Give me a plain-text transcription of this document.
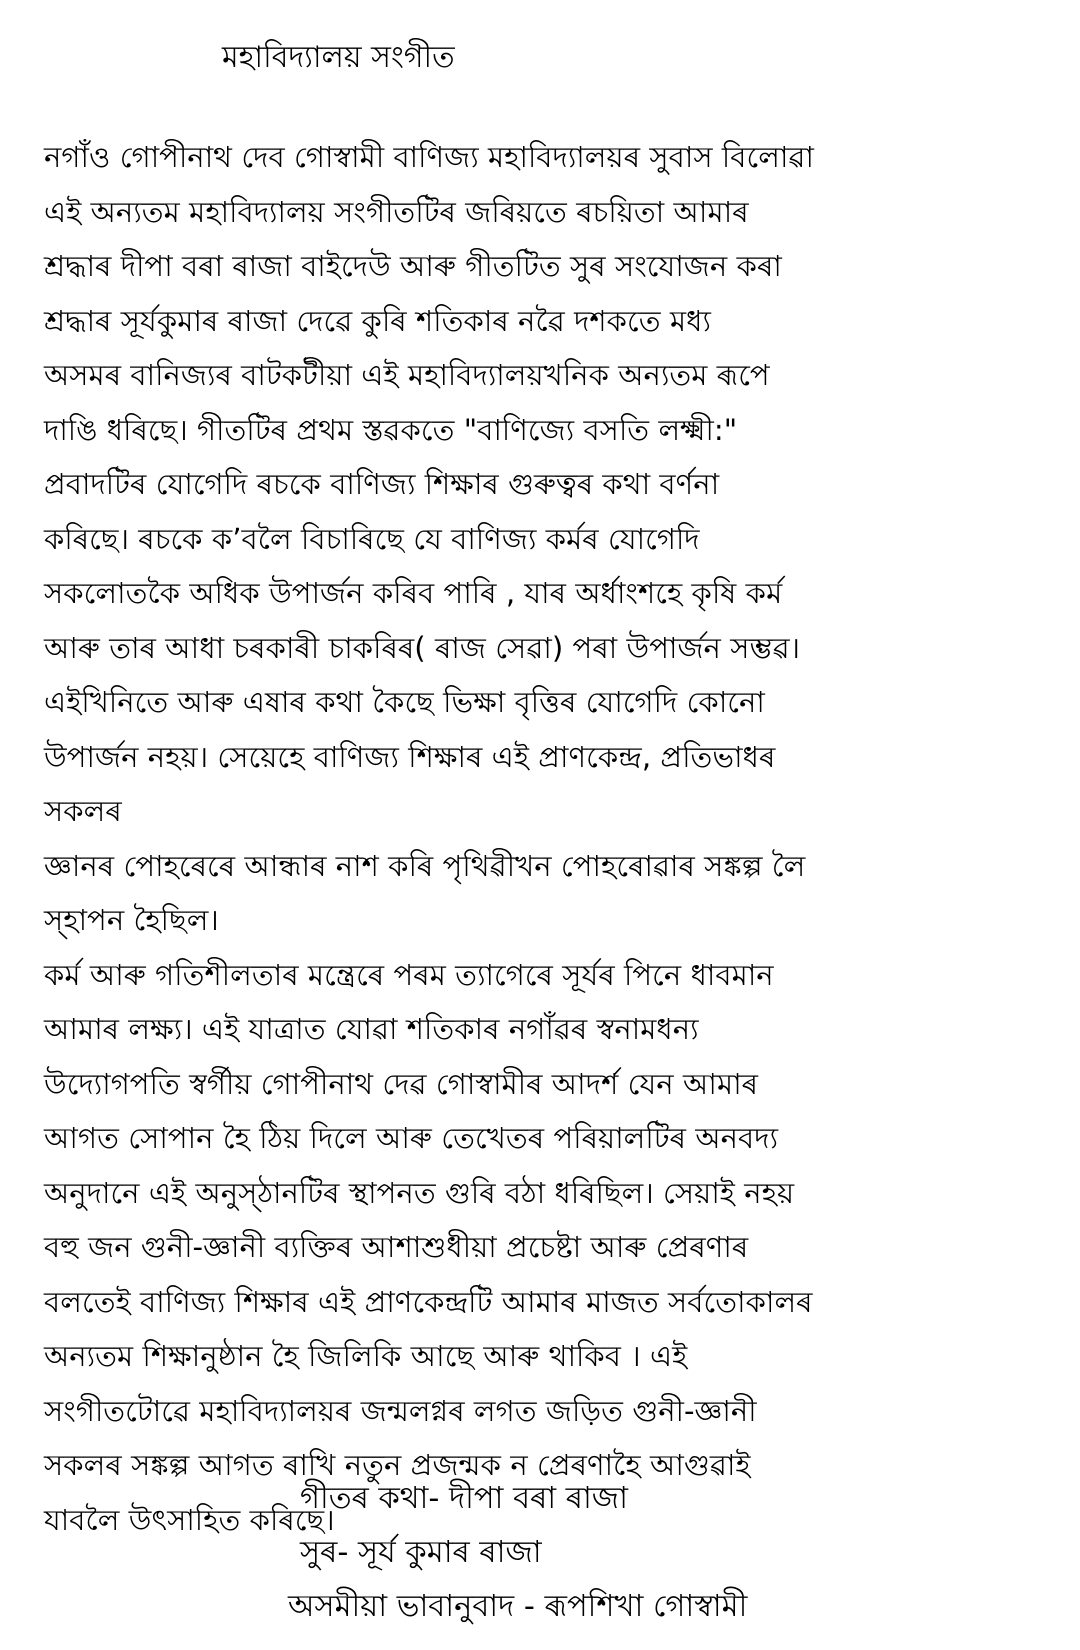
মহাবিদ্যালয় সংগীত
নগাঁও গোপীনাথ দেব গোস্বামী বাণিজ্য মহাবিদ্যালয়ৰ সুবাস বিলোৱা
এই অন্যতম মহাবিদ্যালয় সংগীতটিৰ জৰিয়তে ৰচয়িতা আমাৰ
শ্ৰদ্ধাৰ দীপা বৰা ৰাজা বাইদেউ আৰু গীতটিত সুৰ সংযোজন কৰা
শ্ৰদ্ধাৰ সূৰ্যকুমাৰ ৰাজা দেৱে কুৰি শতিকাৰ নৱৈ দশকতে মধ্য
অসমৰ বানিজ্যৰ বাটকটীয়া এই মহাবিদ্যালয়খনিক অন্যতম ৰূপে
দাঙি ধৰিছে। গীতটিৰ প্ৰথম স্তৱকতে "বাণিজ্যে বসতি লক্ষ্মী:"
প্ৰবাদটিৰ যোগেদি ৰচকে বাণিজ্য শিক্ষাৰ গুৰুত্বৰ কথা বৰ্ণনা
কৰিছে। ৰচকে ক’বলৈ বিচাৰিছে যে বাণিজ্য কৰ্মৰ যোগেদি
সকলোতকৈ অধিক উপাৰ্জন কৰিব পাৰি , যাৰ অৰ্ধাংশহে কৃষি কৰ্ম
আৰু তাৰ আধা চৰকাৰী চাকৰিৰ( ৰাজ সেৱা) পৰা উপাৰ্জন সম্ভৱ।
এইখিনিতে আৰু এষাৰ কথা কৈছে ভিক্ষা বৃত্তিৰ যোগেদি কোনো
উপাৰ্জন নহয়। সেয়েহে বাণিজ্য শিক্ষাৰ এই প্ৰাণকেন্দ্ৰ, প্ৰতিভাধৰ
সকলৰ
জ্ঞানৰ পোহৰেৰে আন্ধাৰ নাশ কৰি পৃথিৱীখন পোহৰোৱাৰ সঙ্কল্প লৈ
স্হাপন হৈছিল।
কৰ্ম আৰু গতিশীলতাৰ মন্ত্ৰেৰে পৰম ত্যাগেৰে সূৰ্যৰ পিনে ধাবমান
আমাৰ লক্ষ্য। এই যাত্ৰাত যোৱা শতিকাৰ নগাঁৱৰ স্বনামধন্য
উদ্যোগপতি স্বৰ্গীয় গোপীনাথ দেৱ গোস্বামীৰ আদৰ্শ যেন আমাৰ
আগত সোপান হৈ ঠিয় দিলে আৰু তেখেতৰ পৰিয়ালটিৰ অনবদ্য
অনুদানে এই অনুস্ঠানটিৰ স্থাপনত গুৰি বঠা ধৰিছিল। সেয়াই নহয়
বহু জন গুনী-জ্ঞানী ব্যক্তিৰ আশাশুধীয়া প্ৰচেষ্টা আৰু প্ৰেৰণাৰ
বলতেই বাণিজ্য শিক্ষাৰ এই প্ৰাণকেন্দ্ৰটি আমাৰ মাজত সৰ্বতোকালৰ
অন্যতম শিক্ষানুষ্ঠান হৈ জিলিকি আছে আৰু থাকিব । এই
সংগীতটোৱে মহাবিদ্যালয়ৰ জন্মলগ্নৰ লগত জড়িত গুনী-জ্ঞানী
সকলৰ সঙ্কল্প আগত ৰাখি নতুন প্ৰজন্মক ন প্ৰেৰণাহৈ আগুৱাই
যাবলৈ উৎসাহিত কৰিছে।
গীতৰ কথা- দীপা বৰা ৰাজা
সুৰ- সূৰ্য কুমাৰ ৰাজা
অসমীয়া ভাবানুবাদ - ৰূপশিখা গোস্বামী
